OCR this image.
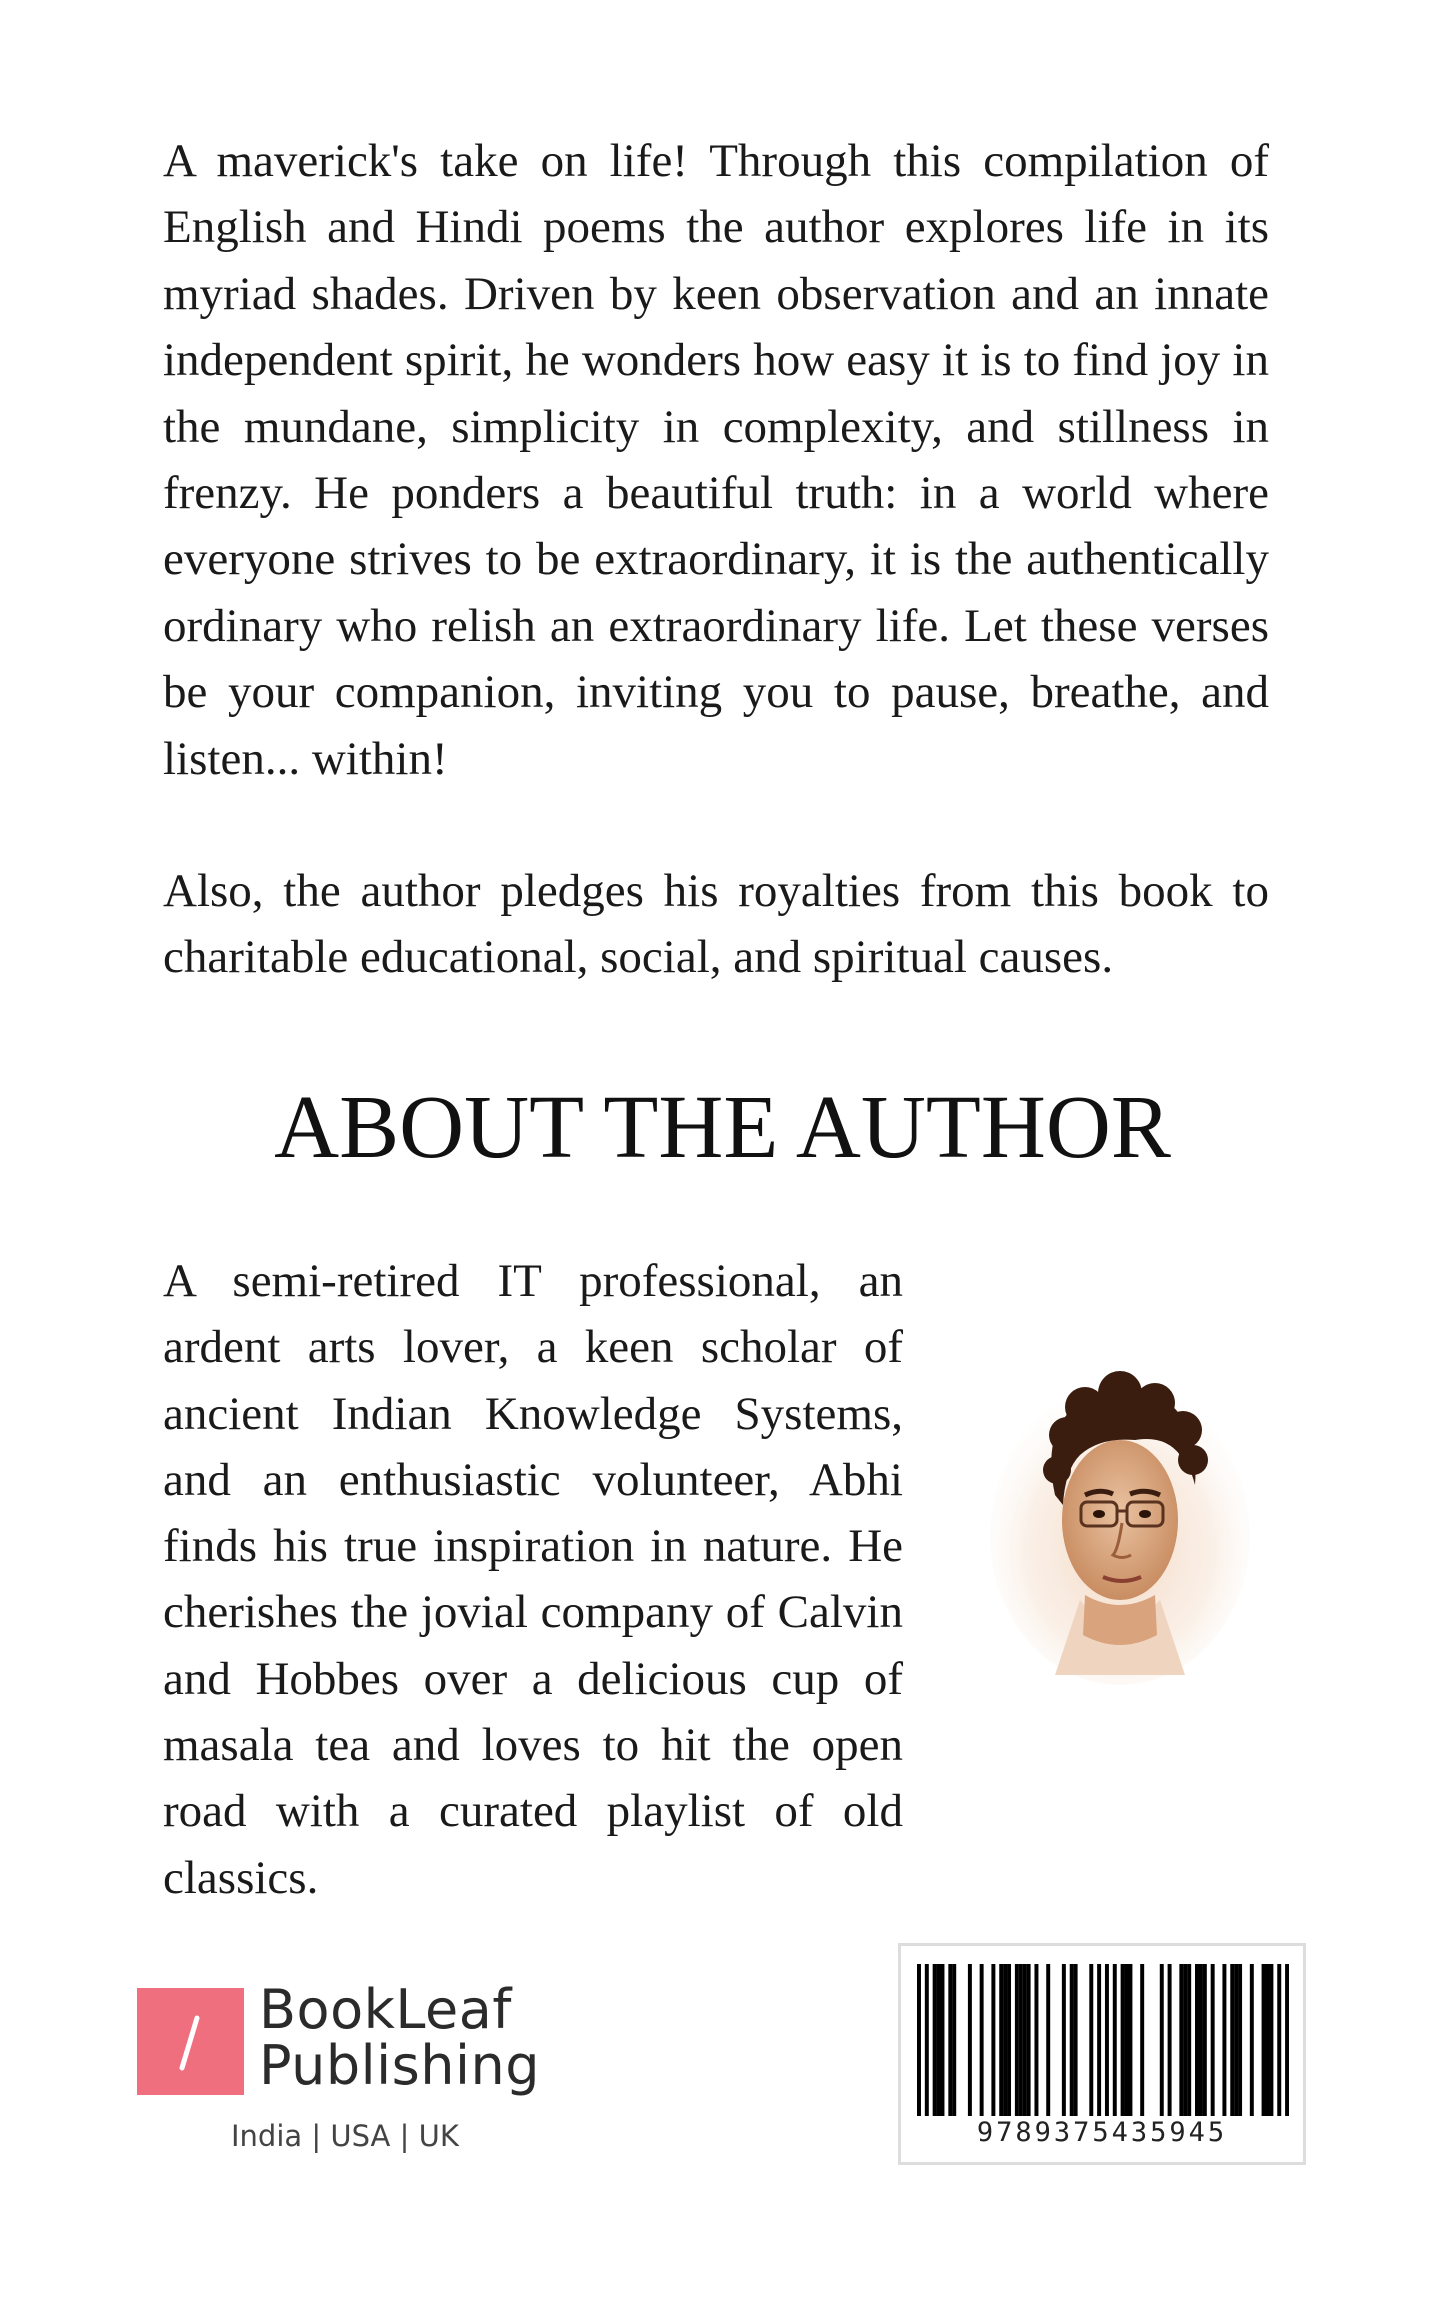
A maverick's take on life! Through this compilation of English and Hindi poems the author explores life in its myriad shades. Driven by keen observation and an innate independent spirit, he wonders how easy it is to find joy in the mundane, simplicity in complexity, and stillness in frenzy. He ponders a beautiful truth: in a world where everyone strives to be extraordinary, it is the authentically ordinary who relish an extraordinary life. Let these verses be your companion, inviting you to pause, breathe, and listen... within!

Also, the author pledges his royalties from this book to charitable educational, social, and spiritual causes.

ABOUT THE AUTHOR

A semi-retired IT professional, an ardent arts lover, a keen scholar of ancient Indian Knowledge Systems, and an enthusiastic volunteer, Abhi finds his true inspiration in nature. He cherishes the jovial company of Calvin and Hobbes over a delicious cup of masala tea and loves to hit the open road with a curated playlist of old classics.

BookLeaf
Publishing
India | USA | UK	9789375435945
